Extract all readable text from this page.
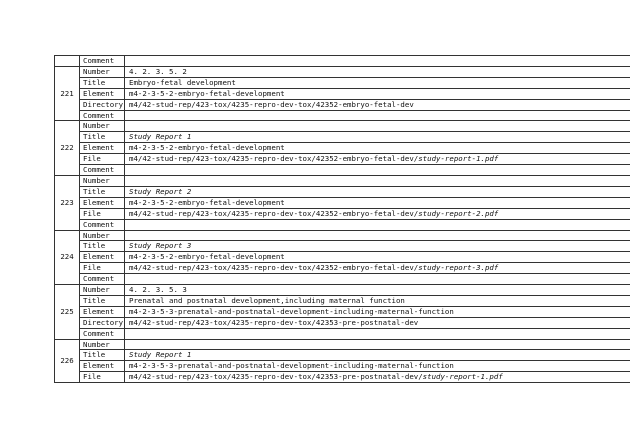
	Comment	
221	Number	4. 2. 3. 5. 2
	Title	Embryo-fetal development
	Element	m4-2-3-5-2-embryo-fetal-development
	Directory	m4/42-stud-rep/423-tox/4235-repro-dev-tox/42352-embryo-fetal-dev
	Comment	
222	Number	
	Title	Study Report 1
	Element	m4-2-3-5-2-embryo-fetal-development
	File	m4/42-stud-rep/423-tox/4235-repro-dev-tox/42352-embryo-fetal-dev/study-report-1.pdf
	Comment	
223	Number	
	Title	Study Report 2
	Element	m4-2-3-5-2-embryo-fetal-development
	File	m4/42-stud-rep/423-tox/4235-repro-dev-tox/42352-embryo-fetal-dev/study-report-2.pdf
	Comment	
224	Number	
	Title	Study Report 3
	Element	m4-2-3-5-2-embryo-fetal-development
	File	m4/42-stud-rep/423-tox/4235-repro-dev-tox/42352-embryo-fetal-dev/study-report-3.pdf
	Comment	
225	Number	4. 2. 3. 5. 3
	Title	Prenatal and postnatal development,including maternal function
	Element	m4-2-3-5-3-prenatal-and-postnatal-development-including-maternal-function
	Directory	m4/42-stud-rep/423-tox/4235-repro-dev-tox/42353-pre-postnatal-dev
	Comment	
226	Number	
	Title	Study Report 1
	Element	m4-2-3-5-3-prenatal-and-postnatal-development-including-maternal-function
	File	m4/42-stud-rep/423-tox/4235-repro-dev-tox/42353-pre-postnatal-dev/study-report-1.pdf
